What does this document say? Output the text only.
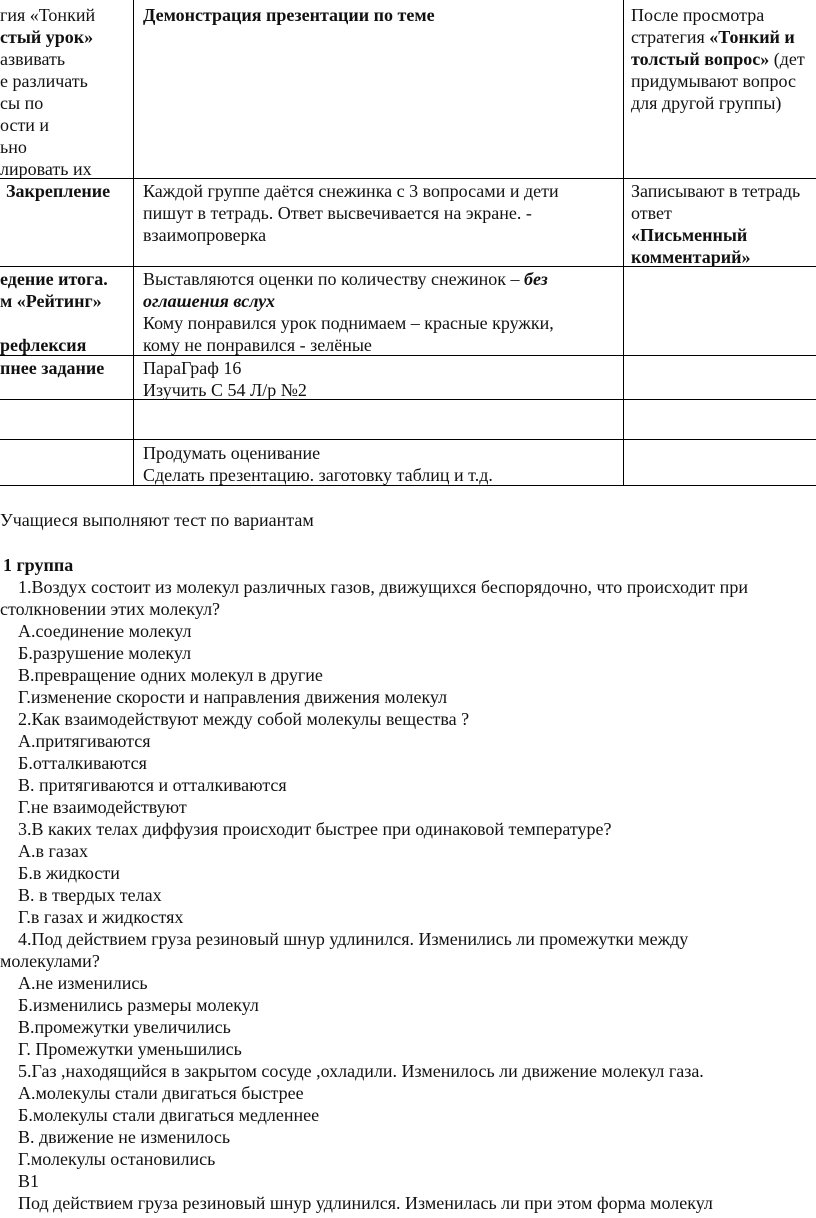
гия «Тонкий
стый урок»
азвивать
е различать
сы по
ости и
ьно
лировать их
Демонстрация презентации по теме	После просмотра
стратегия «Тонкий и
толстый вопрос» (дет
придумывают вопрос
для другой группы)
Закрепление Каждой группе даётся снежинка с 3 вопросами и дети
пишут в тетрадь. Ответ высвечивается на экране. -
взаимопроверка
Записывают в тетрадь
ответ
«Письменный
комментарий»
едение итога.
м «Рейтинг»

рефлексия
Выставляются оценки по количеству снежинок – без
оглашения вслух
Кому понравился урок поднимаем – красные кружки,
кому не понравился - зелёные
пнее задание ПараГраф 16
Изучить С 54 Л/р №2
Продумать оценивание
Сделать презентацию. заготовку таблиц и т.д.
Учащиеся выполняют тест по вариантам
1 группа
1.Воздух состоит из молекул различных газов, движущихся беспорядочно, что происходит при
столкновении этих молекул?
А.соединение молекул
Б.разрушение молекул
В.превращение одних молекул в другие
Г.изменение скорости и направления движения молекул
2.Как взаимодействуют между собой молекулы вещества ?
А.притягиваются
Б.отталкиваются
В. притягиваются и отталкиваются
Г.не взаимодействуют
3.В каких телах диффузия происходит быстрее при одинаковой температуре?
А.в газах
Б.в жидкости
В. в твердых телах
Г.в газах и жидкостях
4.Под действием груза резиновый шнур удлинился. Изменились ли промежутки между
молекулами?
А.не изменились
Б.изменились размеры молекул
В.промежутки увеличились
Г. Промежутки уменьшились
5.Газ ,находящийся в закрытом сосуде ,охладили. Изменилось ли движение молекул газа.
А.молекулы стали двигаться быстрее
Б.молекулы стали двигаться медленнее
В. движение не изменилось
Г.молекулы остановились
В1
Под действием груза резиновый шнур удлинился. Изменилась ли при этом форма молекул
